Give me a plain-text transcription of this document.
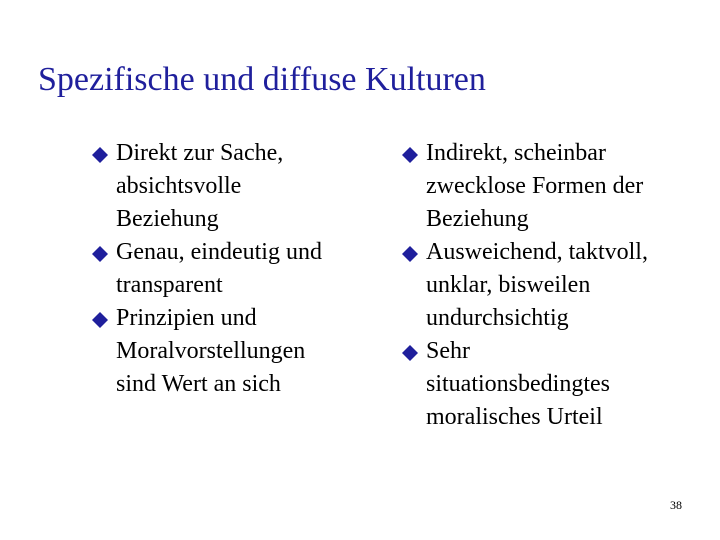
Spezifische und diffuse Kulturen
Direkt zur Sache,
absichtsvolle
Beziehung
Genau, eindeutig und
transparent
Prinzipien und
Moralvorstellungen
sind Wert an sich
Indirekt, scheinbar
zwecklose Formen der
Beziehung
Ausweichend, taktvoll,
unklar, bisweilen
undurchsichtig
Sehr
situationsbedingtes
moralisches Urteil
38
